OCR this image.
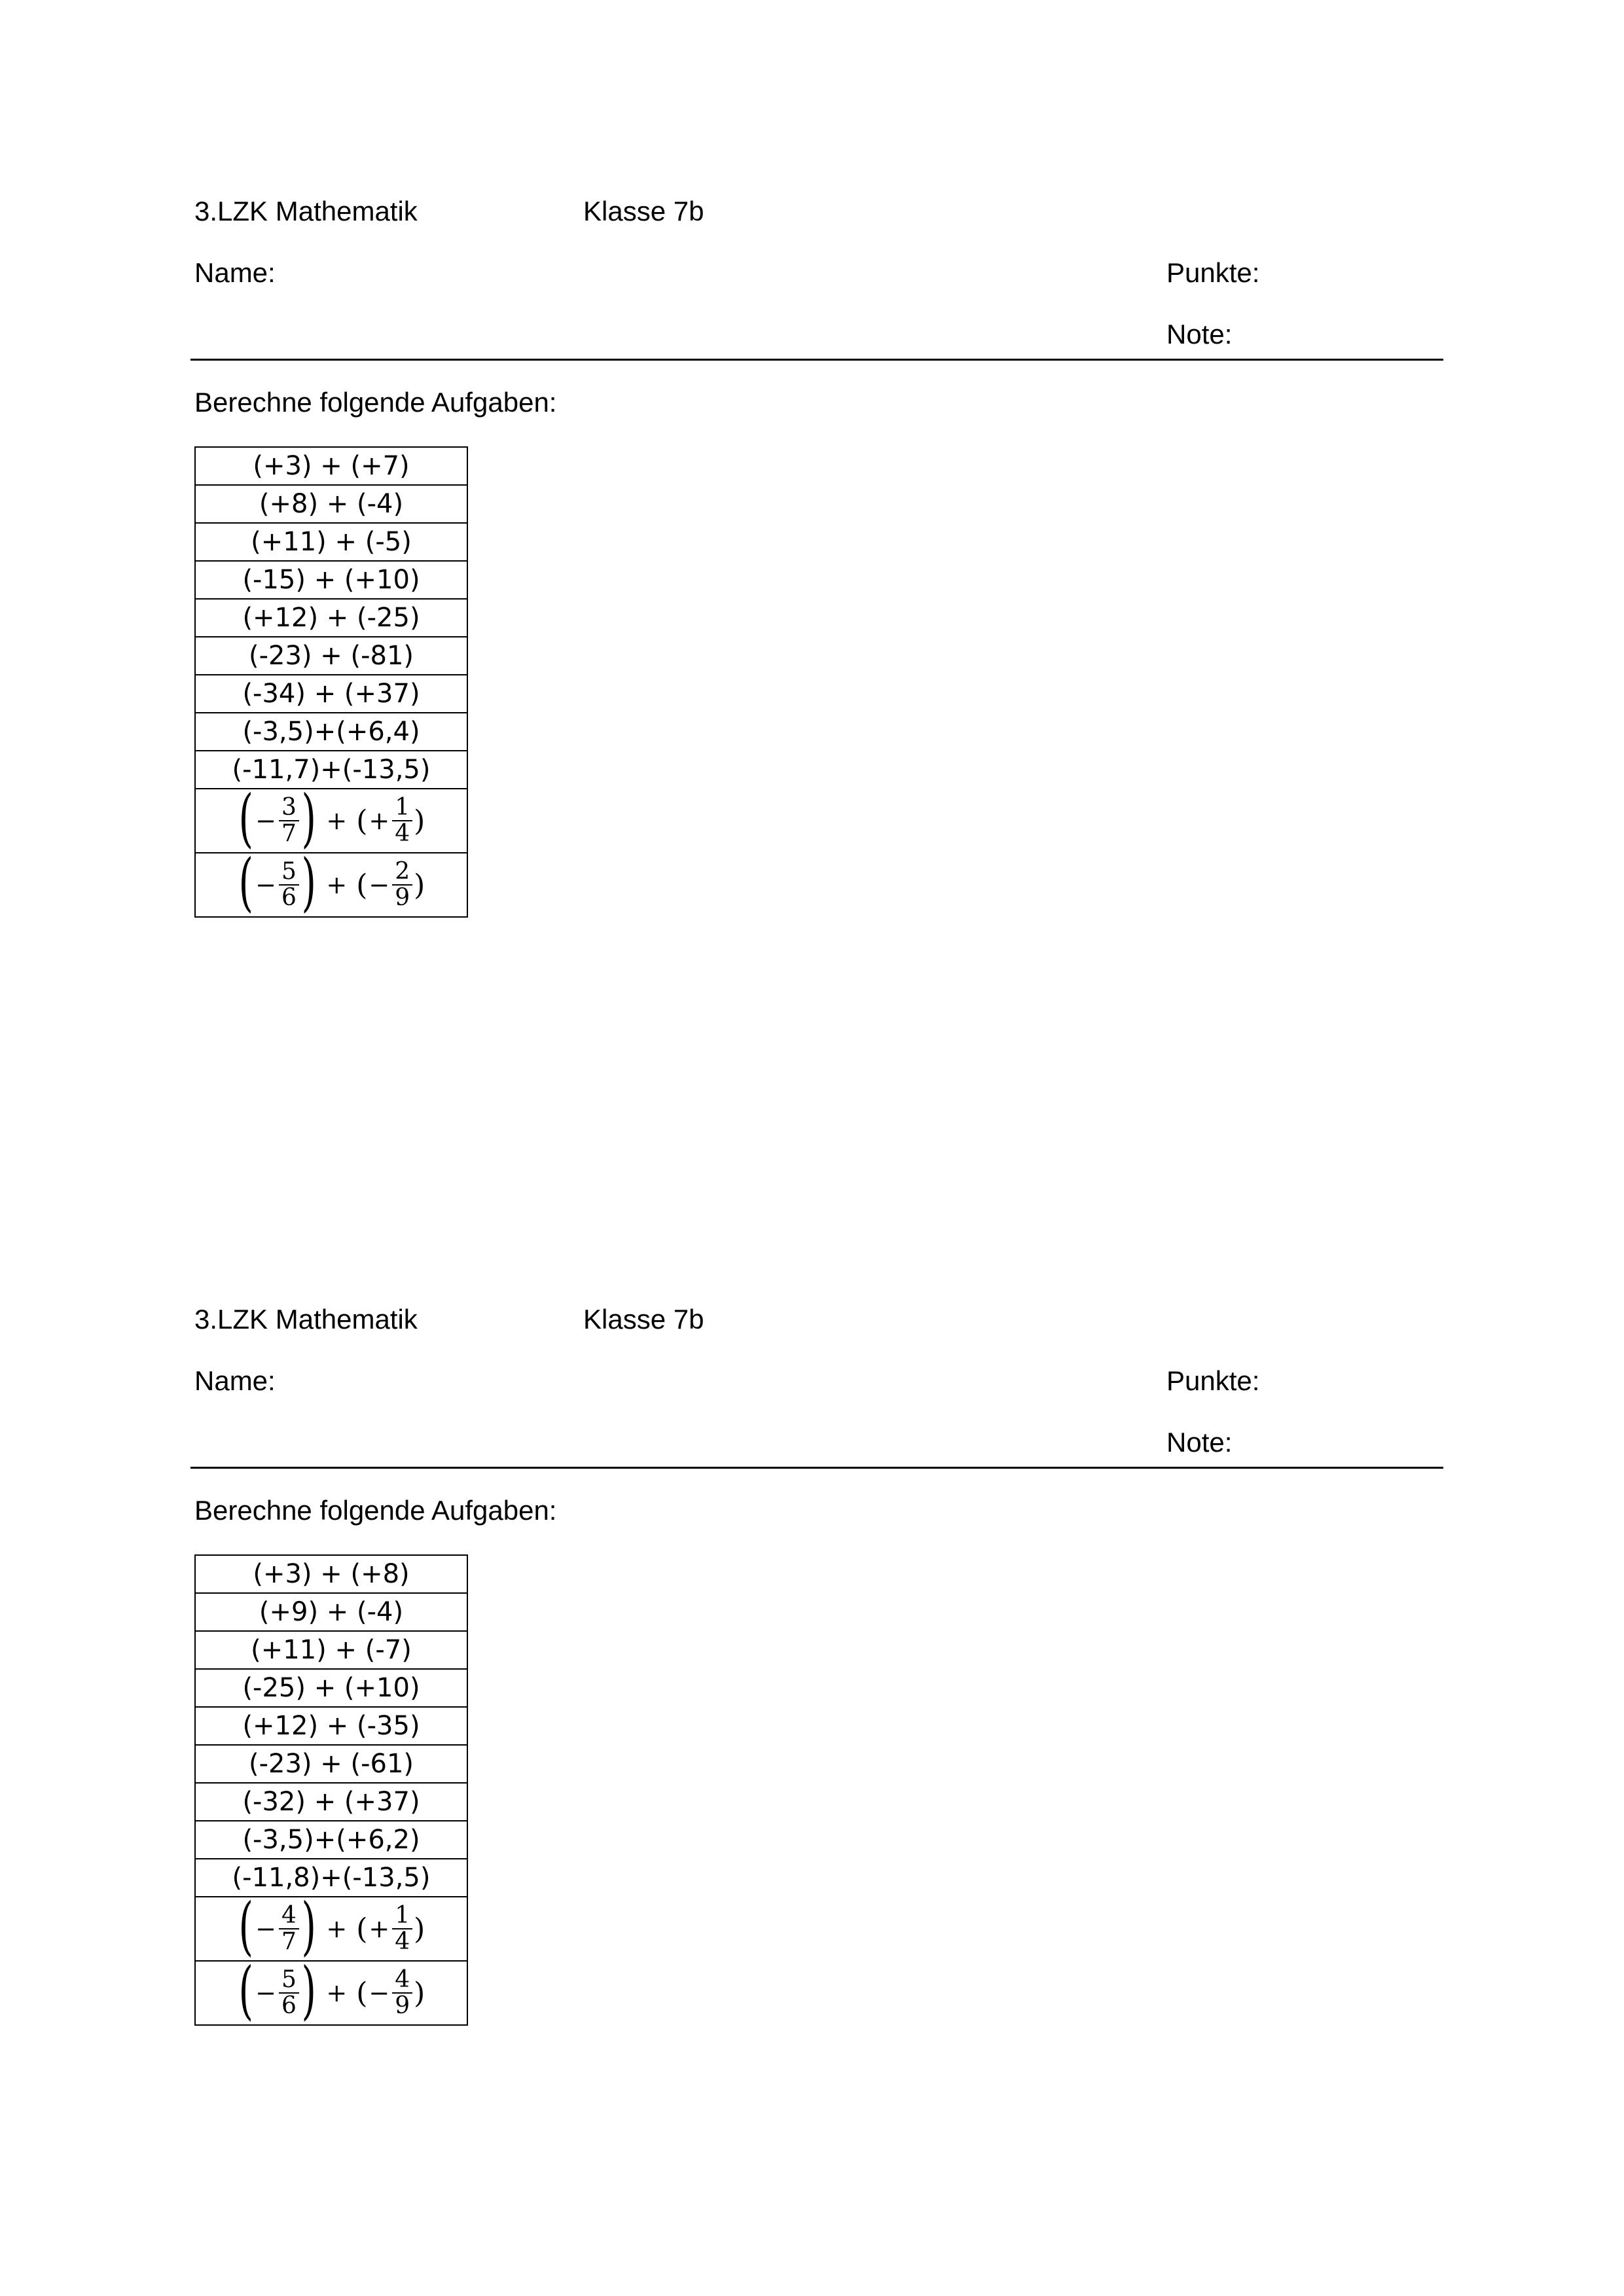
3.LZK Mathematik	Klasse 7b
Name:	Punkte:
Note:
Berechne folgende Aufgaben:
(+3) + (+7)
(+8) + (-4)
(+11) + (-5)
(-15) + (+10)
(+12) + (-25)
(-23) + (-81)
(-34) + (+37)
(-3,5)+(+6,4)
(-11,7)+(-13,5)

( − $\frac{3}{7}$ ) + ( + $\frac{1}{4}$ )

( − $\frac{5}{6}$ ) + ( − $\frac{2}{9}$ )
3.LZK Mathematik	Klasse 7b
Name:	Punkte:
Note:
Berechne folgende Aufgaben:
(+3) + (+8)
(+9) + (-4)
(+11) + (-7)
(-25) + (+10)
(+12) + (-35)
(-23) + (-61)
(-32) + (+37)
(-3,5)+(+6,2)
(-11,8)+(-13,5)

( − $\frac{4}{7}$ ) + ( + $\frac{1}{4}$ )

( − $\frac{5}{6}$ ) + ( − $\frac{4}{9}$ )
